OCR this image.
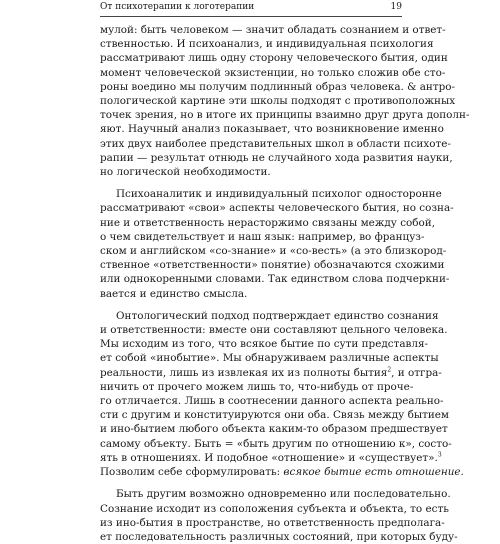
От психотерапии к логотерапии	19
мулой: быть человеком — значит обладать сознанием и ответ-
ственностью. И психоанализ, и индивидуальная психология
рассматривают лишь одну сторону человеческого бытия, один
момент человеческой экзистенции, но только сложив обе сто-
роны воедино мы получим подлинный образ человека. & антро-
пологической картине эти школы подходят с противоположных
точек зрения, но в итоге их принципы взаимно друг друга дополн-
яют. Научный анализ показывает, что возникновение именно
этих двух наиболее представительных школ в области психоте-
рапии — результат отнюдь не случайного хода развития науки,
но логической необходимости.
Психоаналитик и индивидуальный психолог односторонне
рассматривают «свои» аспекты человеческого бытия, но созна-
ние и ответственность нерасторжимо связаны между собой,
о чем свидетельствует и наш язык: например, во француз-
ском и английском «со-знание» и «со-весть» (а это близкород-
ственное «ответственности» понятие) обозначаются схожими
или однокоренными словами. Так единством слова подчеркни-
вается и единство смысла.
Онтологический подход подтверждает единство сознания
и ответственности: вместе они составляют цельного человека.
Мы исходим из того, что всякое бытие по сути представля-
ет собой «инобытие». Мы обнаруживаем различные аспекты
реальности, лишь из извлекая их из полноты бытия$^2$, и отгра-
ничить от прочего можем лишь то, что-нибудь от проче-
го отличается. Лишь в соотнесении данного аспекта реально-
сти с другим и конституируются они оба. Связь между бытием
и ино-бытием любого объекта каким-то образом предшествует
самому объекту. Быть = «быть другим по отношению к», состо-
ять в отношениях. И подобное «отношение» и «существует».$^3$
Позволим себе сформулировать: всякое бытие есть отношение.
Быть другим возможно одновременно или последовательно.
Сознание исходит из соположения субъекта и объекта, то есть
из ино-бытия в пространстве, но ответственность предполага-
ет последовательность различных состояний, при которых буду-
